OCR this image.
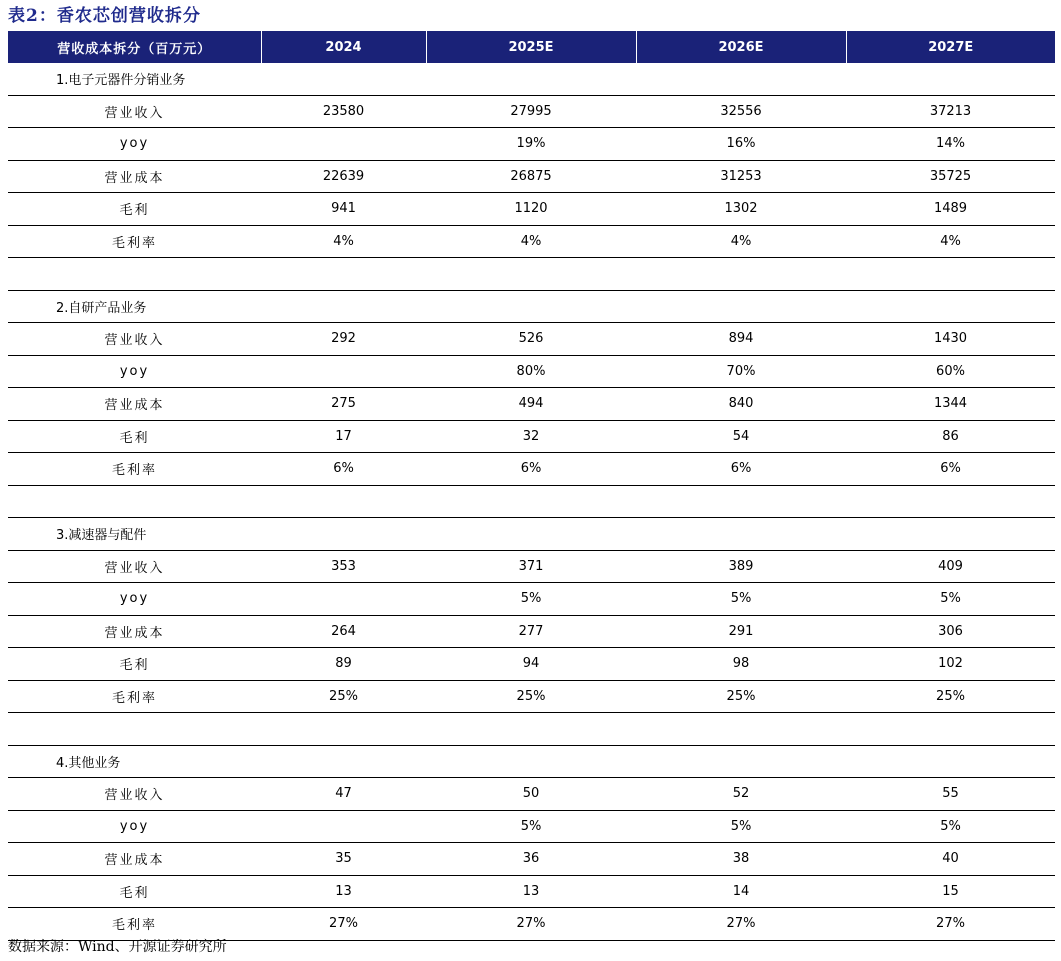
表2：香农芯创营收拆分
营收成本拆分（百万元）	2024	2025E	2026E	2027E
1.电子元器件分销业务				
营业收入	23580	27995	32556	37213
yoy		19%	16%	14%
营业成本	22639	26875	31253	35725
毛利	941	1120	1302	1489
毛利率	4%	4%	4%	4%

2.自研产品业务				
营业收入	292	526	894	1430
yoy		80%	70%	60%
营业成本	275	494	840	1344
毛利	17	32	54	86
毛利率	6%	6%	6%	6%

3.减速器与配件				
营业收入	353	371	389	409
yoy		5%	5%	5%
营业成本	264	277	291	306
毛利	89	94	98	102
毛利率	25%	25%	25%	25%

4.其他业务				
营业收入	47	50	52	55
yoy		5%	5%	5%
营业成本	35	36	38	40
毛利	13	13	14	15
毛利率	27%	27%	27%	27%
数据来源：Wind、开源证券研究所
